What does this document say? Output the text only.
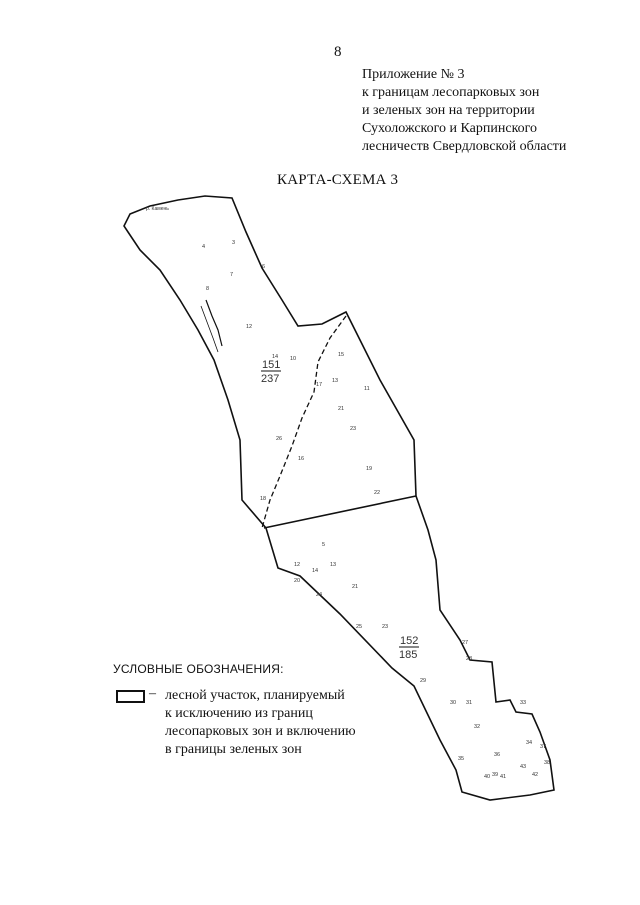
8
Приложение № 3
к границам лесопарковых зон
и зеленых зон на территории
Сухоложского и Карпинского
лесничеств Свердловской области
КАРТА-СХЕМА 3
р. Камень
151
237
152
185
4
3
6
8
7
12
10
14	15
13
17
21
23
11
26
16
18
19
22
5
12
14
13
20
21
24
25	23
27
28
29
30 31
32
33
34
35
36
37
38
39
40 41	42
43
УСЛОВНЫЕ ОБОЗНАЧЕНИЯ:
– лесной участок, планируемый
к исключению из границ
лесопарковых зон и включению
в границы зеленых зон
